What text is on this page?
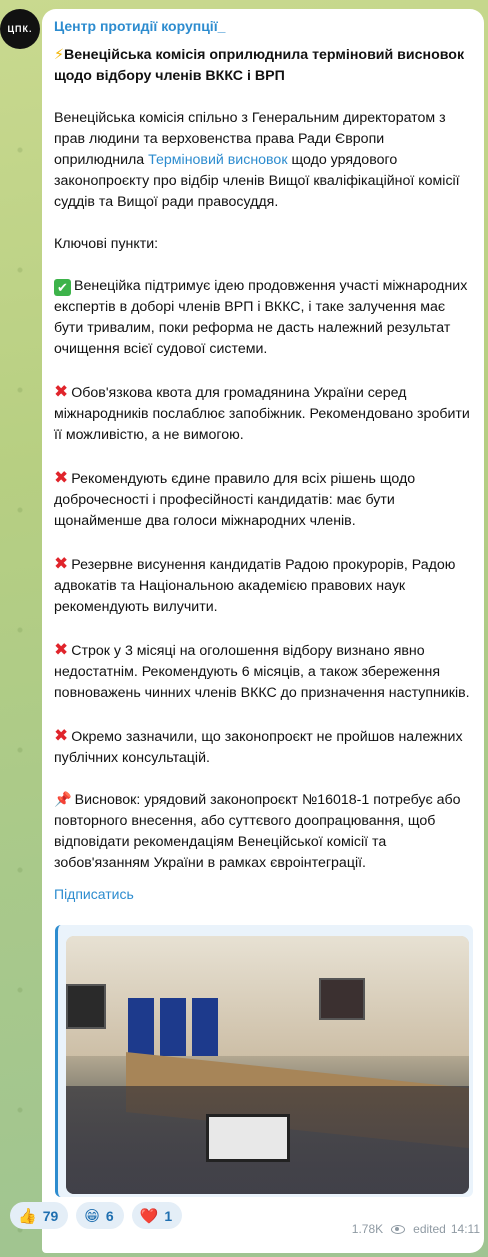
ЦПК. Центр протидії корупції_

⚡Венеційська комісія оприлюднила терміновий висновок щодо відбору членів ВККС і ВРП

Венеційська комісія спільно з Генеральним директоратом з прав людини та верховенства права Ради Європи оприлюднила Терміновий висновок щодо урядового законопроєкту про відбір членів Вищої кваліфікаційної комісії суддів та Вищої ради правосуддя.

Ключові пункти:

✔ Венеційка підтримує ідею продовження участі міжнародних експертів в доборі членів ВРП і ВККС, і таке залучення має бути тривалим, поки реформа не дасть належний результат очищення всієї судової системи.

✖ Обов'язкова квота для громадянина України серед міжнародників послаблює запобіжник. Рекомендовано зробити її можливістю, а не вимогою.

✖ Рекомендують єдине правило для всіх рішень щодо доброчесності і професійності кандидатів: має бути щонайменше два голоси міжнародних членів.

✖ Резервне висунення кандидатів Радою прокурорів, Радою адвокатів та Національною академією правових наук рекомендують вилучити.

✖ Строк у 3 місяці на оголошення відбору визнано явно недостатнім. Рекомендують 6 місяців, а також збереження повноважень чинних членів ВККС до призначення наступників.

✖ Окремо зазначили, що законопроєкт не пройшов належних публічних консультацій.

📌 Висновок: урядовий законопроєкт №16018-1 потребує або повторного внесення, або суттєвого доопрацювання, щоб відповідати рекомендаціям Венеційської комісії та зобов'язанням України в рамках євроінтеграції.

Підписатись
👍 79 😁 6 ❤️ 1
1.78K	edited 14:11
